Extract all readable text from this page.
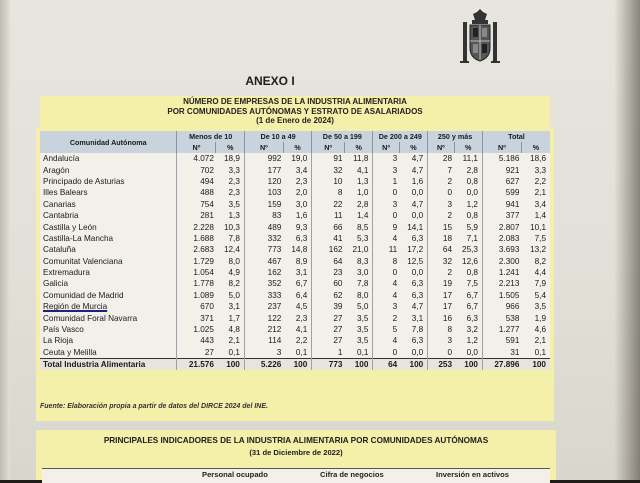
ANEXO I
NÚMERO DE EMPRESAS DE LA INDUSTRIA ALIMENTARIA
POR COMUNIDADES AUTÓNOMAS Y ESTRATO DE ASALARIADOS
(1 de Enero de 2024)
Comunidad Autónoma	Menos de 10		De 10 a 49		De 50 a 199		De 200 a 249		250 y más		Total	
	Nº	%	Nº	%	Nº	%	Nº	%	Nº	%	Nº	%
Andalucía	4.072	18,9	992	19,0	91	11,8	3	4,7	28	11,1	5.186	18,6
Aragón	702	3,3	177	3,4	32	4,1	3	4,7	7	2,8	921	3,3
Principado de Asturias	494	2,3	120	2,3	10	1,3	1	1,6	2	0,8	627	2,2
Illes Balears	488	2,3	103	2,0	8	1,0	0	0,0	0	0,0	599	2,1
Canarias	754	3,5	159	3,0	22	2,8	3	4,7	3	1,2	941	3,4
Cantabria	281	1,3	83	1,6	11	1,4	0	0,0	2	0,8	377	1,4
Castilla y León	2.228	10,3	489	9,3	66	8,5	9	14,1	15	5,9	2.807	10,1
Castilla-La Mancha	1.688	7,8	332	6,3	41	5,3	4	6,3	18	7,1	2.083	7,5
Cataluña	2.683	12,4	773	14,8	162	21,0	11	17,2	64	25,3	3.693	13,2
Comunitat Valenciana	1.729	8,0	467	8,9	64	8,3	8	12,5	32	12,6	2.300	8,2
Extremadura	1.054	4,9	162	3,1	23	3,0	0	0,0	2	0,8	1.241	4,4
Galicia	1.778	8,2	352	6,7	60	7,8	4	6,3	19	7,5	2.213	7,9
Comunidad de Madrid	1.089	5,0	333	6,4	62	8,0	4	6,3	17	6,7	1.505	5,4
Región de Murcia	670	3,1	237	4,5	39	5,0	3	4,7	17	6,7	966	3,5
Comunidad Foral Navarra	371	1,7	122	2,3	27	3,5	2	3,1	16	6,3	538	1,9
País Vasco	1.025	4,8	212	4,1	27	3,5	5	7,8	8	3,2	1.277	4,6
La Rioja	443	2,1	114	2,2	27	3,5	4	6,3	3	1,2	591	2,1
Ceuta y Melilla	27	0,1	3	0,1	1	0,1	0	0,0	0	0,0	31	0,1
Total Industria Alimentaria	21.576	100	5.226	100	773	100	64	100	253	100	27.896	100
Fuente: Elaboración propia a partir de datos del DIRCE 2024 del INE.
PRINCIPALES INDICADORES DE LA INDUSTRIA ALIMENTARIA POR COMUNIDADES AUTÓNOMAS
(31 de Diciembre de 2022)
Personal ocupado	Cifra de negocios	Inversión en activos
